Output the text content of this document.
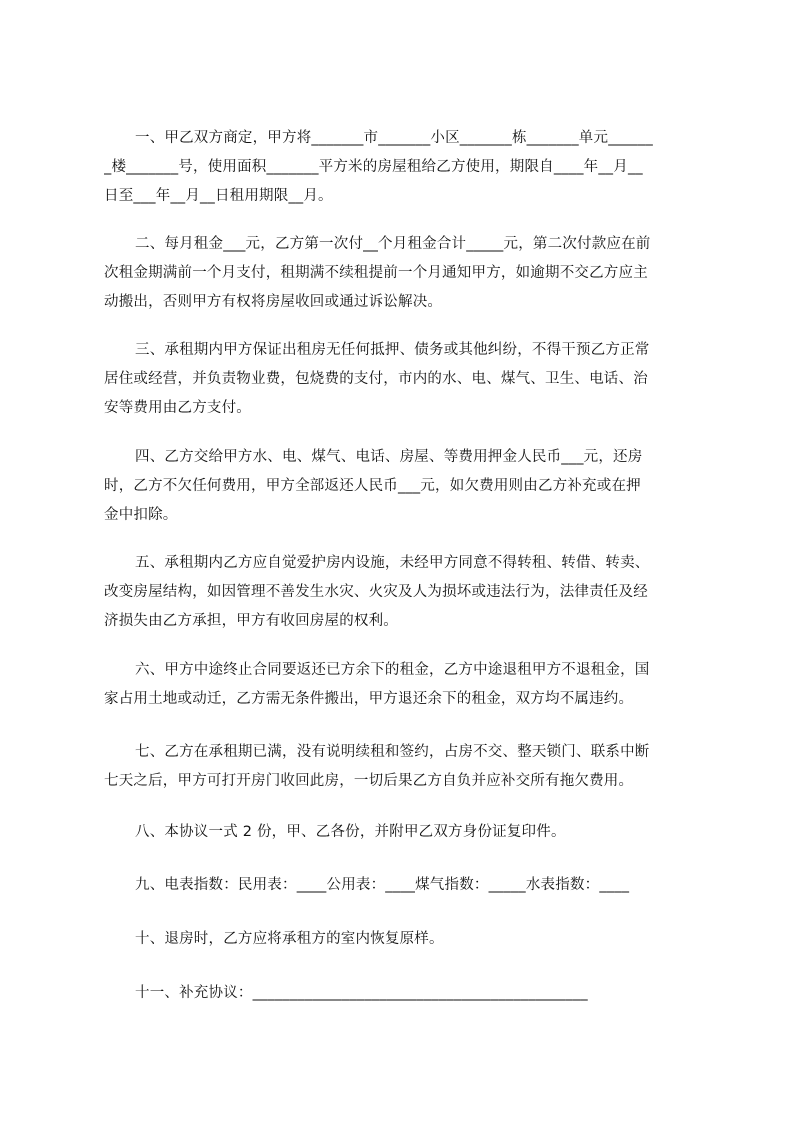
一、甲乙双方商定，甲方将_______市_______小区_______栋_______单元______
_楼_______号，使用面积_______平方米的房屋租给乙方使用，期限自____年__月__
日至___年__月__日租用期限__月。
二、每月租金___元，乙方第一次付__个月租金合计_____元，第二次付款应在前
次租金期满前一个月支付，租期满不续租提前一个月通知甲方，如逾期不交乙方应主
动搬出，否则甲方有权将房屋收回或通过诉讼解决。
三、承租期内甲方保证出租房无任何抵押、债务或其他纠纷，不得干预乙方正常
居住或经营，并负责物业费，包烧费的支付，市内的水、电、煤气、卫生、电话、治
安等费用由乙方支付。
四、乙方交给甲方水、电、煤气、电话、房屋、等费用押金人民币___元，还房
时，乙方不欠任何费用，甲方全部返还人民币___元，如欠费用则由乙方补充或在押
金中扣除。
五、承租期内乙方应自觉爱护房内设施，未经甲方同意不得转租、转借、转卖、
改变房屋结构，如因管理不善发生水灾、火灾及人为损坏或违法行为，法律责任及经
济损失由乙方承担，甲方有收回房屋的权利。
六、甲方中途终止合同要返还已方余下的租金，乙方中途退租甲方不退租金，国
家占用土地或动迁，乙方需无条件搬出，甲方退还余下的租金，双方均不属违约。
七、乙方在承租期已满，没有说明续租和签约，占房不交、整天锁门、联系中断
七天之后，甲方可打开房门收回此房，一切后果乙方自负并应补交所有拖欠费用。
八、本协议一式 2 份，甲、乙各份，并附甲乙双方身份证复印件。
九、电表指数：民用表：____公用表：____煤气指数：_____水表指数：____
十、退房时，乙方应将承租方的室内恢复原样。
十一、补充协议：_____________________________________________
